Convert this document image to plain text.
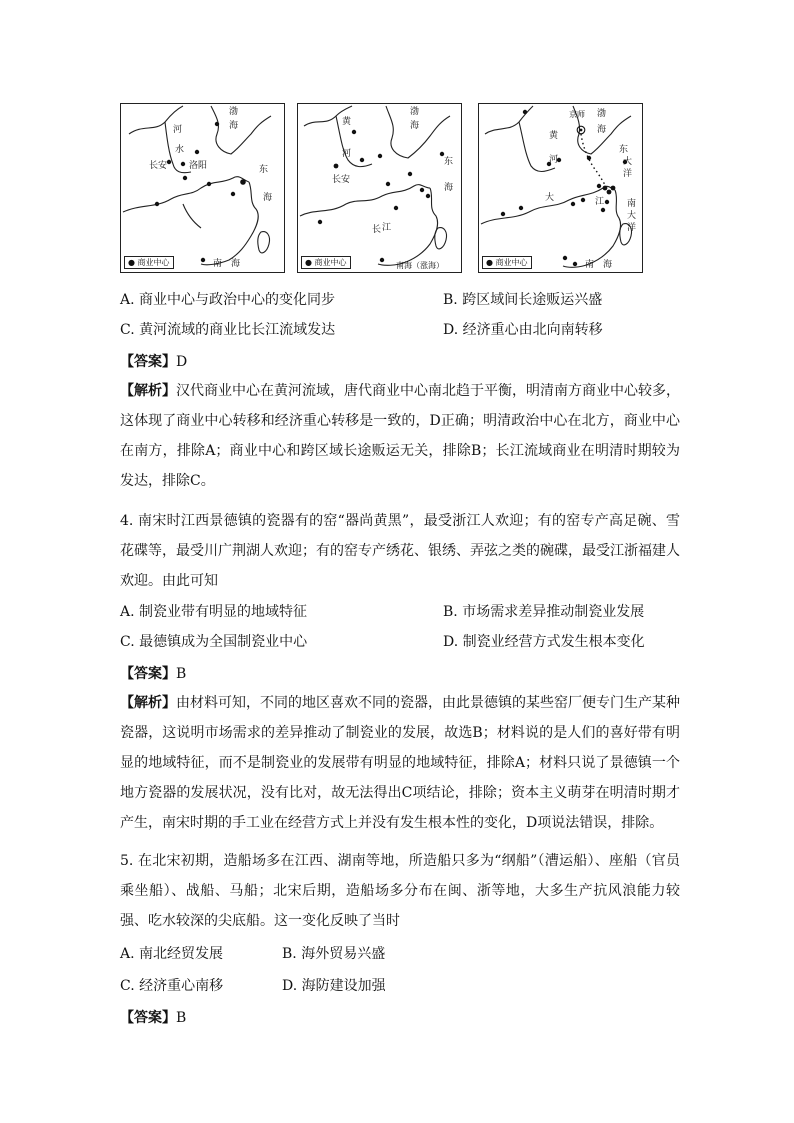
河
水
长安 洛阳
渤
海
东
海
南　海
● 商业中心
黄
河
长安
长 江
渤
海
东
海
南海（涨海）
● 商业中心
京师
黄
河
大	江
渤
海
东
大
洋
南
大
洋
南　海
● 商业中心
A. 商业中心与政治中心的变化同步	B. 跨区域间长途贩运兴盛
C. 黄河流域的商业比长江流域发达	D. 经济重心由北向南转移
【答案】D
【解析】汉代商业中心在黄河流域，唐代商业中心南北趋于平衡，明清南方商业中心较多，这体现了商业中心转移和经济重心转移是一致的，D正确；明清政治中心在北方，商业中心在南方，排除A；商业中心和跨区域长途贩运无关，排除B；长江流域商业在明清时期较为发达，排除C。
4. 南宋时江西景德镇的瓷器有的窑“器尚黄黑”，最受浙江人欢迎；有的窑专产高足碗、雪花碟等，最受川广荆湖人欢迎；有的窑专产绣花、银绣、弄弦之类的碗碟，最受江浙福建人欢迎。由此可知
A. 制瓷业带有明显的地域特征	B. 市场需求差异推动制瓷业发展
C. 最德镇成为全国制瓷业中心	D. 制瓷业经营方式发生根本变化
【答案】B
【解析】由材料可知，不同的地区喜欢不同的瓷器，由此景德镇的某些窑厂便专门生产某种瓷器，这说明市场需求的差异推动了制瓷业的发展，故选B；材料说的是人们的喜好带有明显的地域特征，而不是制瓷业的发展带有明显的地域特征，排除A；材料只说了景德镇一个地方瓷器的发展状况，没有比对，故无法得出C项结论，排除；资本主义萌芽在明清时期才产生，南宋时期的手工业在经营方式上并没有发生根本性的变化，D项说法错误，排除。
5. 在北宋初期，造船场多在江西、湖南等地，所造船只多为“纲船”（漕运船）、座船（官员乘坐船）、战船、马船；北宋后期，造船场多分布在闽、浙等地，大多生产抗风浪能力较强、吃水较深的尖底船。这一变化反映了当时
A. 南北经贸发展	B. 海外贸易兴盛
C. 经济重心南移	D. 海防建设加强
【答案】B
